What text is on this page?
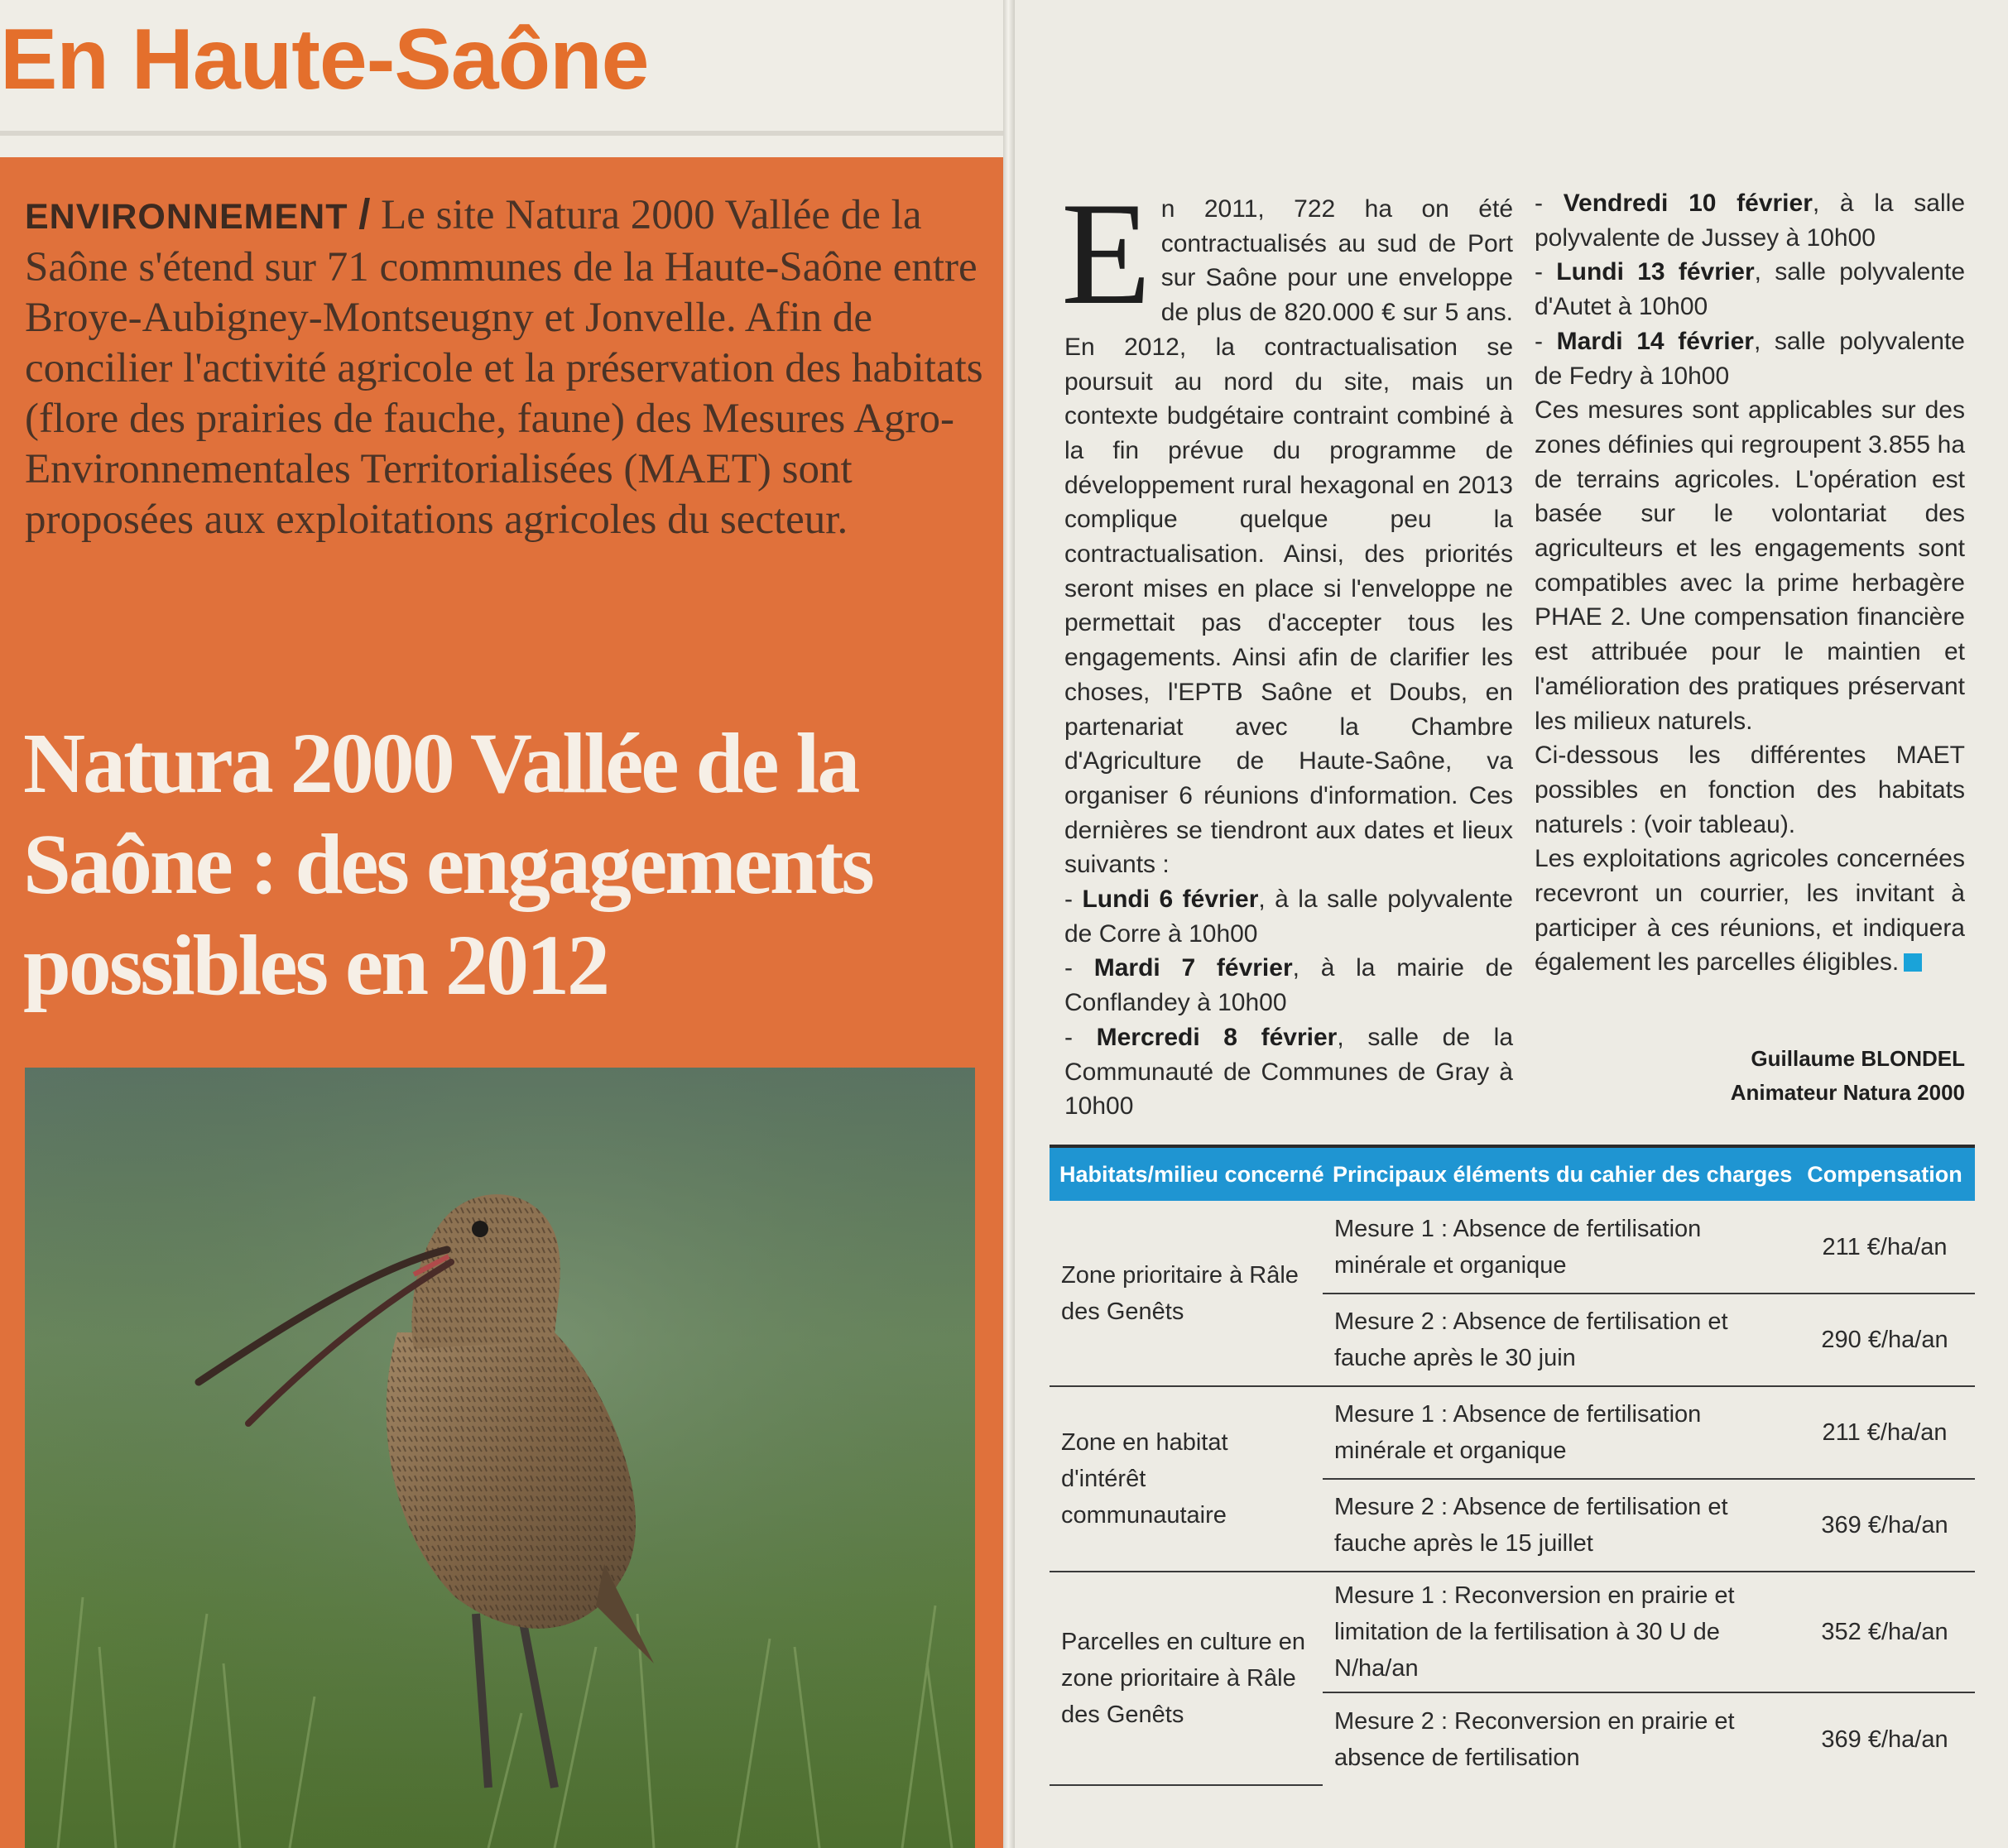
En Haute-Saône

ENVIRONNEMENT / Le site Natura 2000 Vallée de la Saône s'étend sur 71 communes de la Haute-Saône entre Broye-Aubigney-Montseugny et Jonvelle. Afin de concilier l'activité agricole et la préservation des habitats (flore des prairies de fauche, faune) des Mesures Agro-Environnementales Territorialisées (MAET) sont proposées aux exploitations agricoles du secteur.

Natura 2000 Vallée de la Saône : des engagements possibles en 2012

En 2011, 722 ha on été contractualisés au sud de Port sur Saône pour une enveloppe de plus de 820.000 € sur 5 ans. En 2012, la contractualisation se poursuit au nord du site, mais un contexte budgétaire contraint combiné à la fin prévue du programme de développement rural hexagonal en 2013 complique quelque peu la contractualisation. Ainsi, des priorités seront mises en place si l'enveloppe ne permettait pas d'accepter tous les engagements. Ainsi afin de clarifier les choses, l'EPTB Saône et Doubs, en partenariat avec la Chambre d'Agriculture de Haute-Saône, va organiser 6 réunions d'information. Ces dernières se tiendront aux dates et lieux suivants :

- Lundi 6 février, à la salle polyvalente de Corre à 10h00

- Mardi 7 février, à la mairie de Conflandey à 10h00

- Mercredi 8 février, salle de la Communauté de Communes de Gray à 10h00

- Vendredi 10 février, à la salle polyvalente de Jussey à 10h00

- Lundi 13 février, salle polyvalente d'Autet à 10h00

- Mardi 14 février, salle polyvalente de Fedry à 10h00

Ces mesures sont applicables sur des zones définies qui regroupent 3.855 ha de terrains agricoles. L'opération est basée sur le volontariat des agriculteurs et les engagements sont compatibles avec la prime herbagère PHAE 2. Une compensation financière est attribuée pour le maintien et l'amélioration des pratiques préservant les milieux naturels.

Ci-dessous les différentes MAET possibles en fonction des habitats naturels : (voir tableau).

Les exploitations agricoles concernées recevront un courrier, les invitant à participer à ces réunions, et indiquera également les parcelles éligibles.

Guillaume BLONDEL

Animateur Natura 2000

Habitats/milieu concerné	Principaux éléments du cahier des charges	Compensation
Zone prioritaire à Râle des Genêts	Mesure 1 : Absence de fertilisation minérale et organique	211 €/ha/an
	Mesure 2 : Absence de fertilisation et fauche après le 30 juin	290 €/ha/an
Zone en habitat d'intérêt communautaire	Mesure 1 : Absence de fertilisation minérale et organique	211 €/ha/an
	Mesure 2 : Absence de fertilisation et fauche après le 15 juillet	369 €/ha/an
Parcelles en culture en zone prioritaire à Râle des Genêts	Mesure 1 : Reconversion en prairie et limitation de la fertilisation à 30 U de N/ha/an	352 €/ha/an
	Mesure 2 : Reconversion en prairie et absence de fertilisation	369 €/ha/an
